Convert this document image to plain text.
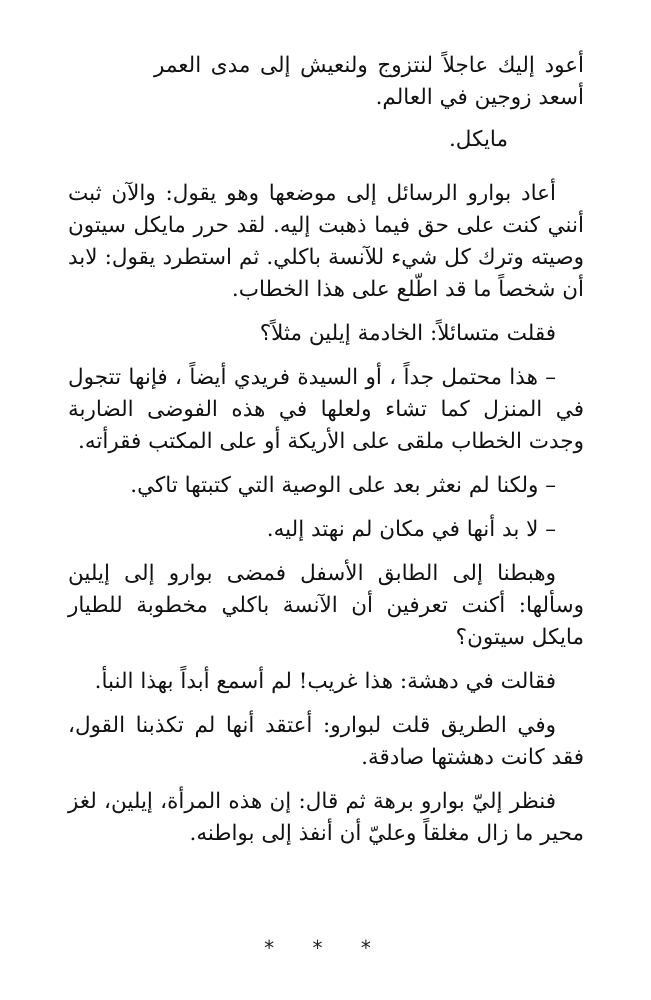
أعود إليك عاجلاً لنتزوج ولنعيش إلى مدى العمر أسعد زوجين في العالم.

مايكل.

أعاد بوارو الرسائل إلى موضعها وهو يقول: والآن ثبت أنني كنت على حق فيما ذهبت إليه. لقد حرر مايكل سيتون وصيته وترك كل شيء للآنسة باكلي. ثم استطرد يقول: لابد أن شخصاً ما قد اطّلع على هذا الخطاب.

فقلت متسائلاً: الخادمة إيلين مثلاً؟

– هذا محتمل جداً ، أو السيدة فريدي أيضاً ، فإنها تتجول في المنزل كما تشاء ولعلها في هذه الفوضى الضاربة وجدت الخطاب ملقى على الأريكة أو على المكتب فقرأته.

– ولكنا لم نعثر بعد على الوصية التي كتبتها تاكي.

– لا بد أنها في مكان لم نهتد إليه.

وهبطنا إلى الطابق الأسفل فمضى بوارو إلى إيلين وسألها: أكنت تعرفين أن الآنسة باكلي مخطوبة للطيار مايكل سيتون؟

فقالت في دهشة: هذا غريب! لم أسمع أبداً بهذا النبأ.

وفي الطريق قلت لبوارو: أعتقد أنها لم تكذبنا القول، فقد كانت دهشتها صادقة.

فنظر إليّ بوارو برهة ثم قال: إن هذه المرأة، إيلين، لغز محير ما زال مغلقاً وعليّ أن أنفذ إلى بواطنه.

* * *
